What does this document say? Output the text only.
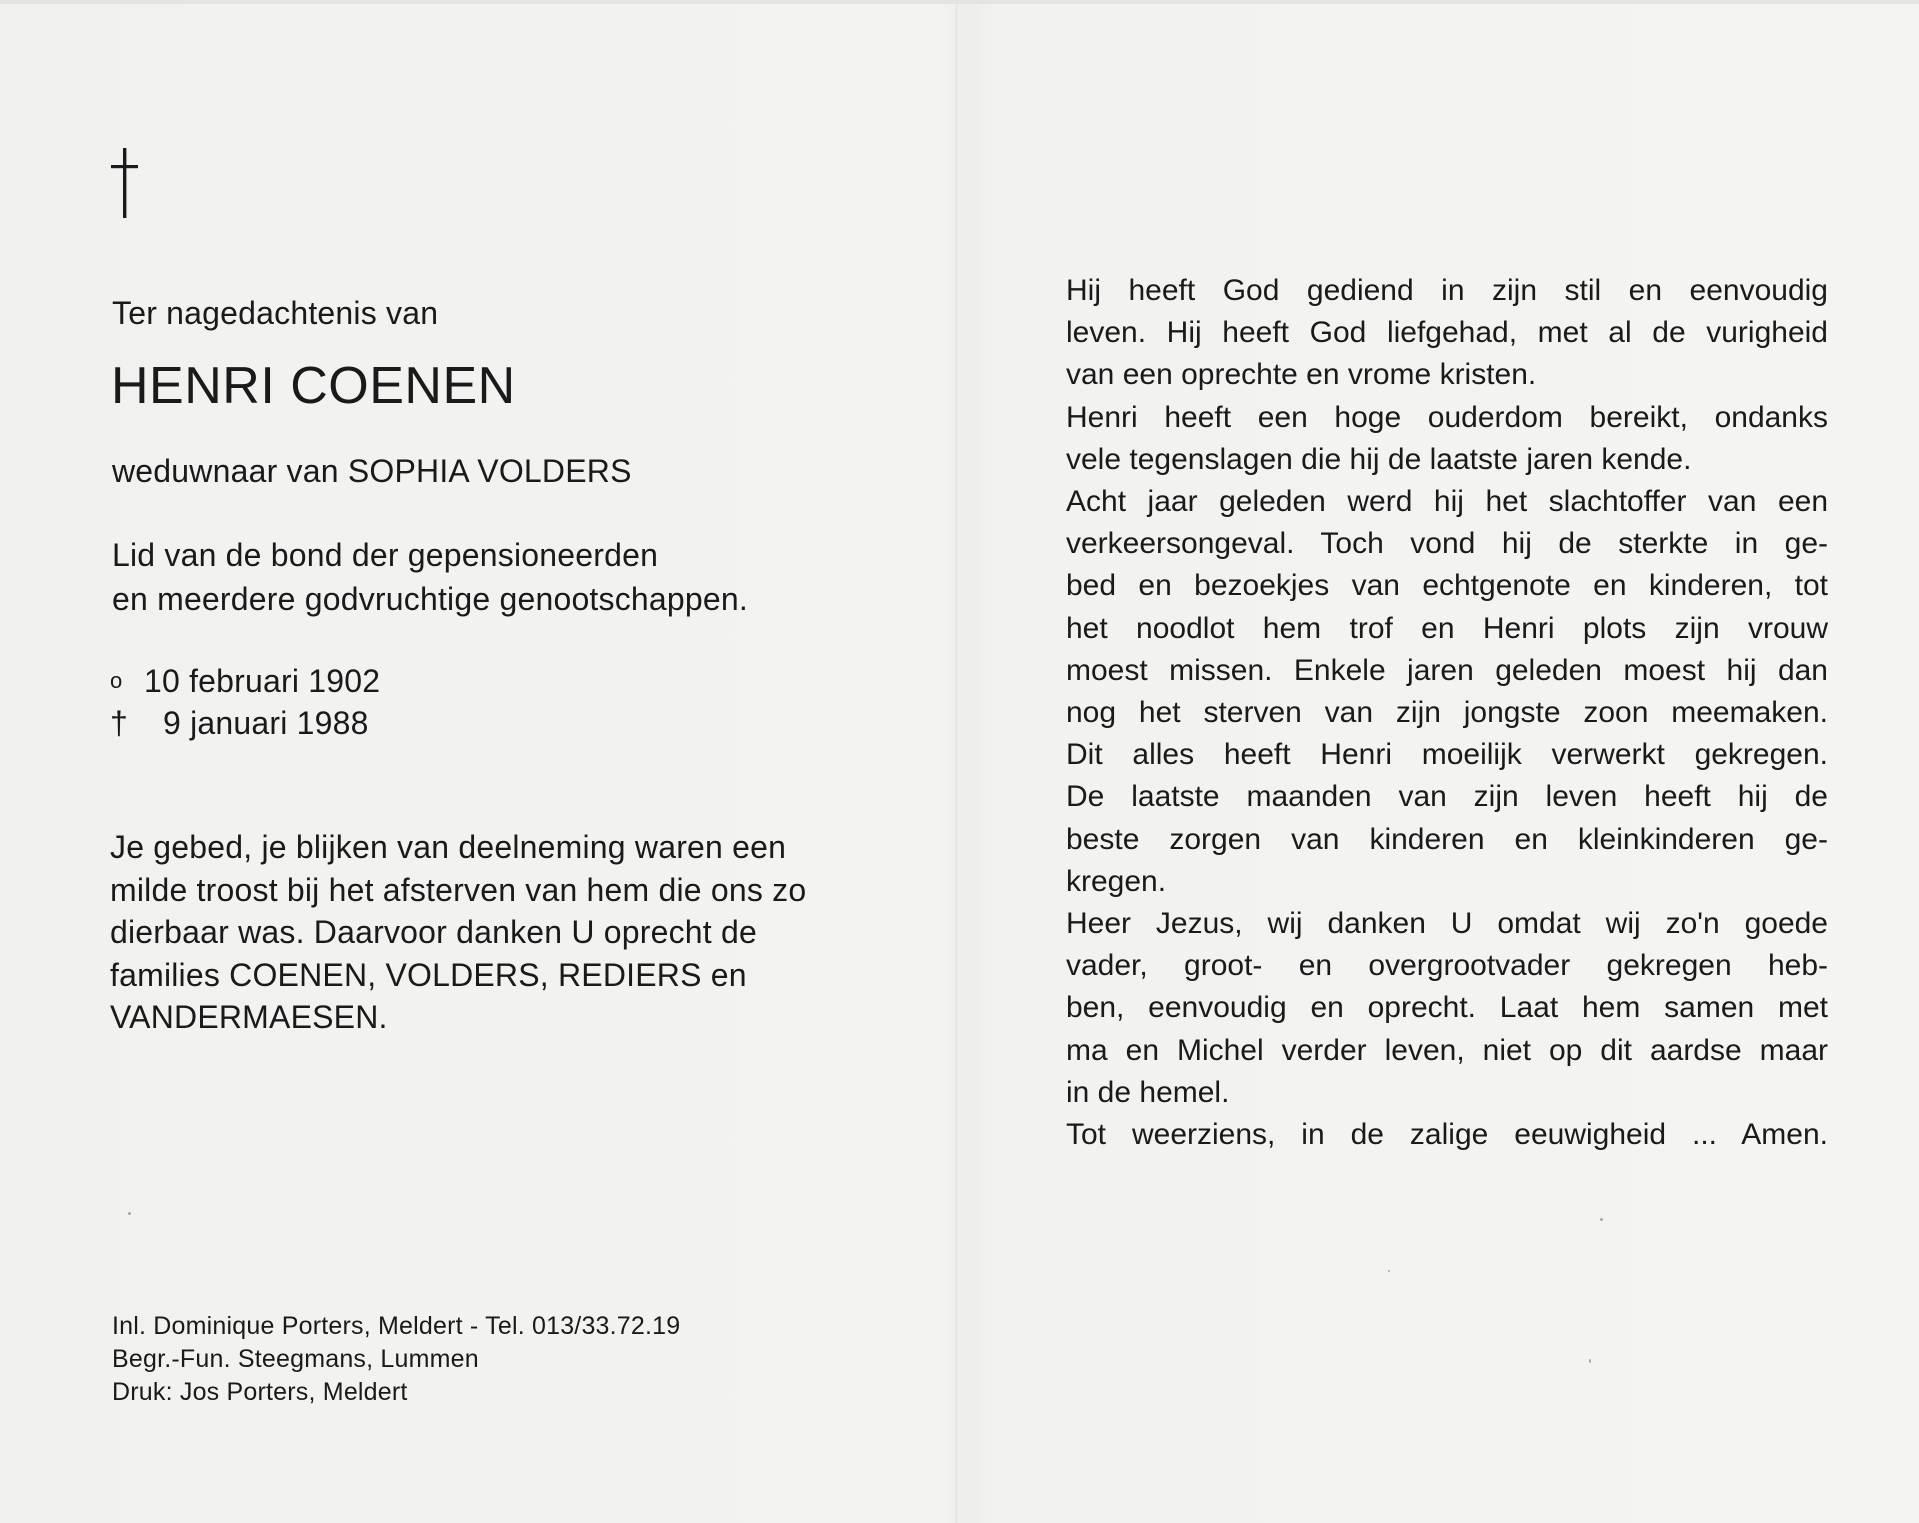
Ter nagedachtenis van
HENRI COENEN
weduwnaar van SOPHIA VOLDERS
Lid van de bond der gepensioneerden
en meerdere godvruchtige genootschappen.
o 10 februari 1902
† 9 januari 1988
Je gebed, je blijken van deelneming waren een
milde troost bij het afsterven van hem die ons zo
dierbaar was. Daarvoor danken U oprecht de
families COENEN, VOLDERS, REDIERS en
VANDERMAESEN.
Inl. Dominique Porters, Meldert - Tel. 013/33.72.19
Begr.-Fun. Steegmans, Lummen
Druk: Jos Porters, Meldert
Hij heeft God gediend in zijn stil en eenvoudig
leven. Hij heeft God liefgehad, met al de vurigheid
van een oprechte en vrome kristen.
Henri heeft een hoge ouderdom bereikt, ondanks
vele tegenslagen die hij de laatste jaren kende.
Acht jaar geleden werd hij het slachtoffer van een
verkeersongeval. Toch vond hij de sterkte in ge-
bed en bezoekjes van echtgenote en kinderen, tot
het noodlot hem trof en Henri plots zijn vrouw
moest missen. Enkele jaren geleden moest hij dan
nog het sterven van zijn jongste zoon meemaken.
Dit alles heeft Henri moeilijk verwerkt gekregen.
De laatste maanden van zijn leven heeft hij de
beste zorgen van kinderen en kleinkinderen ge-
kregen.
Heer Jezus, wij danken U omdat wij zo'n goede
vader, groot- en overgrootvader gekregen heb-
ben, eenvoudig en oprecht. Laat hem samen met
ma en Michel verder leven, niet op dit aardse maar
in de hemel.
Tot weerziens, in de zalige eeuwigheid ... Amen.
